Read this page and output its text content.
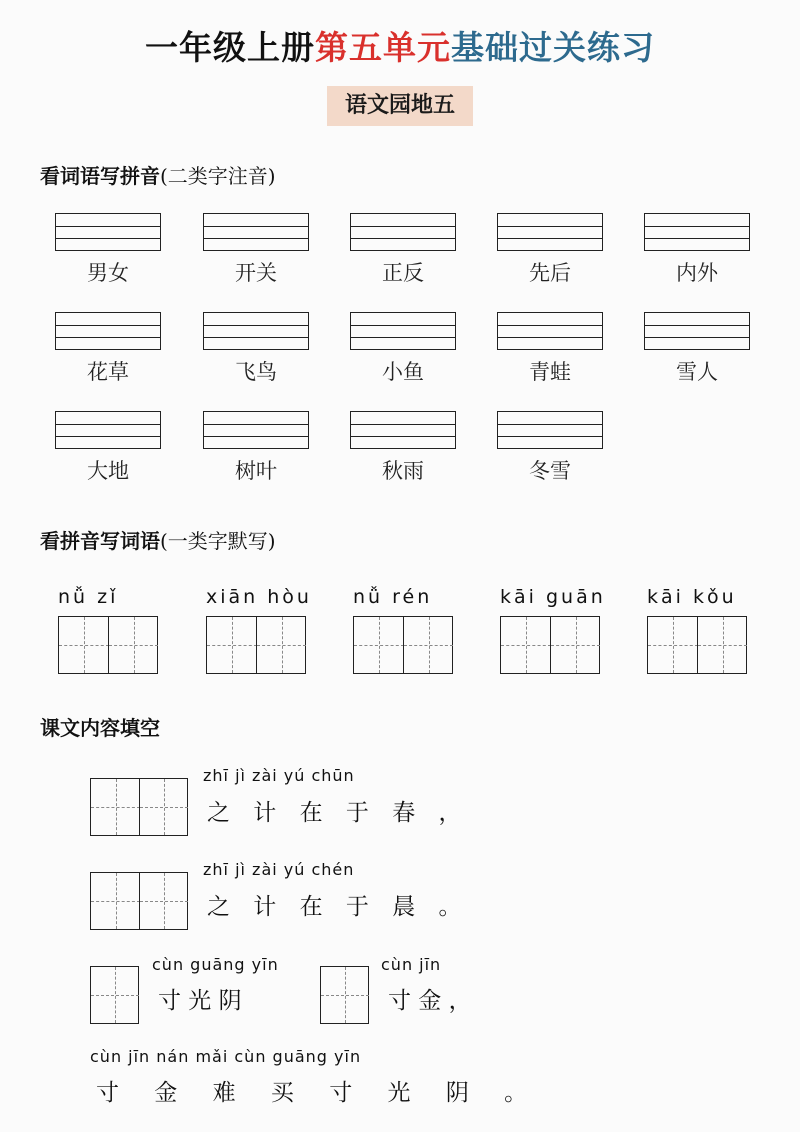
一年级上册第五单元基础过关练习
语文园地五
看词语写拼音(二类字注音)
男女	开关	正反	先后	内外
花草	飞鸟	小鱼	青蛙	雪人
大地	树叶	秋雨	冬雪
看拼音写词语(一类字默写)
nǚ zǐ	xiān hòu nǚ rén	kāi guān kāi kǒu
课文内容填空
zhī jì zài yú chūn
之 计 在 于 春 ，
zhī jì zài yú chén
之 计 在 于 晨 。
cùn guāng yīn
寸 光 阴
cùn jīn
寸 金 ，
cùn jīn nán mǎi cùn guāng yīn
寸 金 难 买 寸 光 阴 。
